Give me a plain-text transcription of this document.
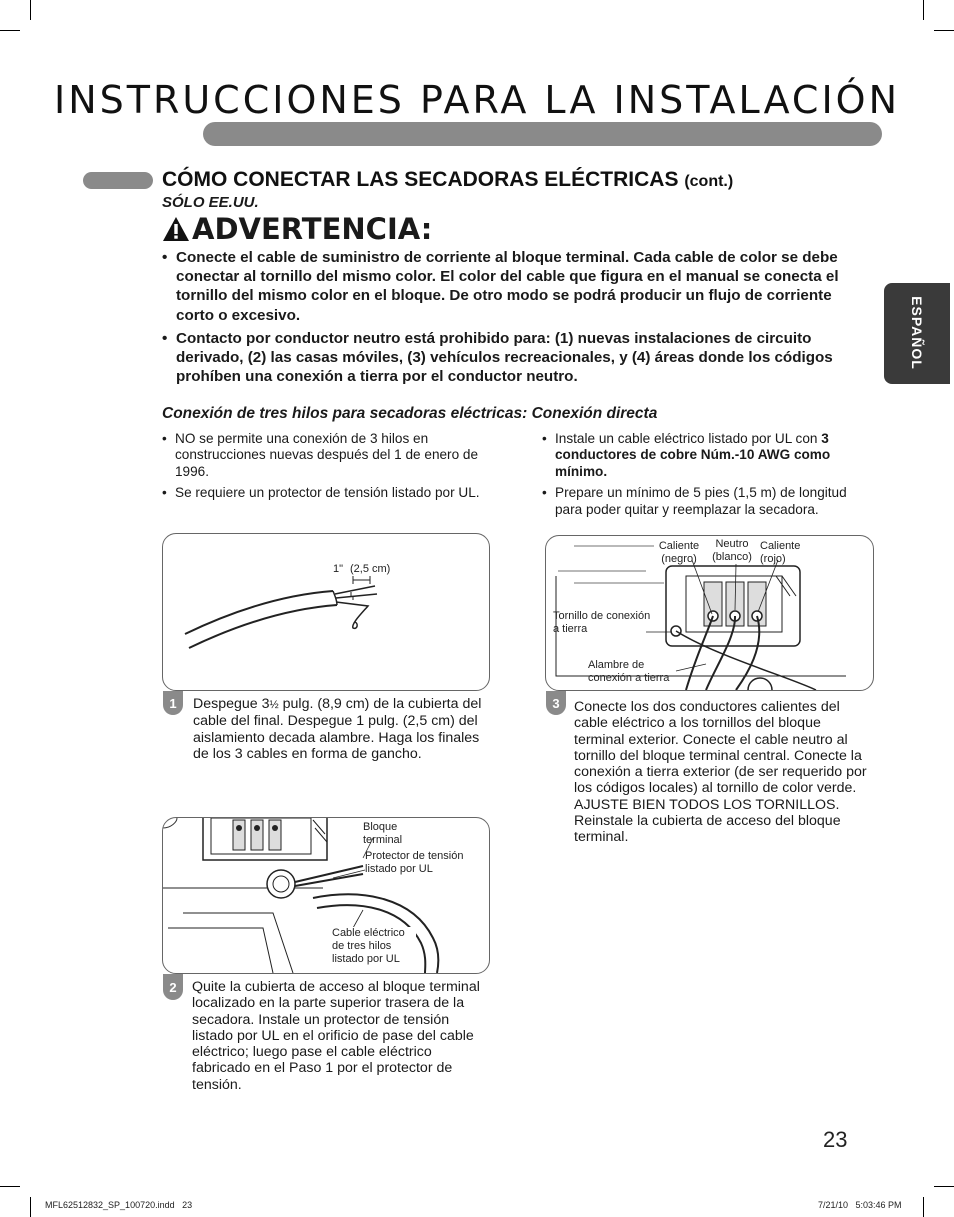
INSTRUCCIONES PARA LA INSTALACIÓN
CÓMO CONECTAR LAS SECADORAS ELÉCTRICAS (cont.)
SÓLO EE.UU.
ESPAÑOL
ADVERTENCIA:
• Conecte el cable de suministro de corriente al bloque terminal. Cada cable de color se debe conectar al tornillo del mismo color. El color del cable que figura en el manual se conecta el tornillo del mismo color en el bloque. De otro modo se podrá producir un flujo de corriente corto o excesivo.
• Contacto por conductor neutro está prohibido para: (1) nuevas instalaciones de circuito derivado, (2) las casas móviles, (3) vehículos recreacionales, y (4) áreas donde los códigos prohíben una conexión a tierra por el conductor neutro.
Conexión de tres hilos para secadoras eléctricas: Conexión directa
• NO se permite una conexión de 3 hilos en construcciones nuevas después del 1 de enero de 1996.
• Se requiere un protector de tensión listado por UL.
• Instale un cable eléctrico listado por UL con 3 conductores de cobre Núm.-10 AWG como mínimo.
• Prepare un mínimo de 5 pies (1,5 m) de longitud para poder quitar y reemplazar la secadora.
1" (2,5 cm)
1	Despegue 3½ pulg. (8,9 cm) de la cubierta del cable del final. Despegue 1 pulg. (2,5 cm) del aislamiento decada alambre. Haga los finales de los 3 cables en forma de gancho.
Bloque terminal
Protector de tensión listado por UL
Cable eléctrico de tres hilos listado por UL
2	Quite la cubierta de acceso al bloque terminal localizado en la parte superior trasera de la secadora. Instale un protector de tensión listado por UL en el orificio de pase del cable eléctrico; luego pase el cable eléctrico fabricado en el Paso 1 por el protector de tensión.
Caliente (negro)
Neutro (blanco)
Caliente (rojo)
Tornillo de conexión a tierra
Alambre de conexión a tierra
3	Conecte los dos conductores calientes del cable eléctrico a los tornillos del bloque terminal exterior. Conecte el cable neutro al tornillo del bloque terminal central. Conecte la conexión a tierra exterior (de ser requerido por los códigos locales) al tornillo de color verde. AJUSTE BIEN TODOS LOS TORNILLOS. Reinstale la cubierta de acceso del bloque terminal.
23
MFL62512832_SP_100720.indd   23	7/21/10   5:03:46 PM
